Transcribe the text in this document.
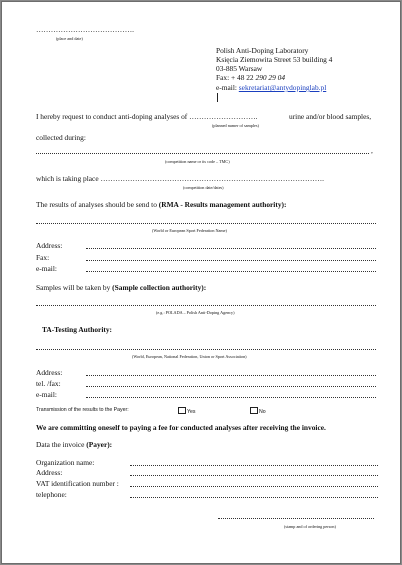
………………………………….
(place and date)
Polish Anti-Doping Laboratory
Księcia Ziemowita Street 53 building 4
03-885 Warsaw
Fax: + 48 22 290 29 04
e-mail: sekretariat@antydopinglab.pl
I hereby request to conduct anti-doping analyses of ……………………….	urine and/or blood samples,
(planned numer of samples)
collected during:
,
(competition name or its code – TMC)
which is taking place ……………………………………………………………………………….
(competition date/dates)
The results of analyses should be send to (RMA - Results management authority):
(World or European Sport Federation Name)
Address:
Fax:
e-mail:
Samples will be taken by (Sample collection authority):
(e.g.: POLADA – Polish Anti-Doping Agency)
TA-Testing Authority:
(World, European, National Federation, Union or Sport Association)
Address:
tel. /fax:
e-mail:
Transmission of the results to the Payer:	Yes	No
We are committing oneself to paying a fee for conducted analyses after receiving the invoice.
Data the invoice (Payer):
Organization name:
Address:
VAT identification number :
telephone:
(stamp and of ordering person)
